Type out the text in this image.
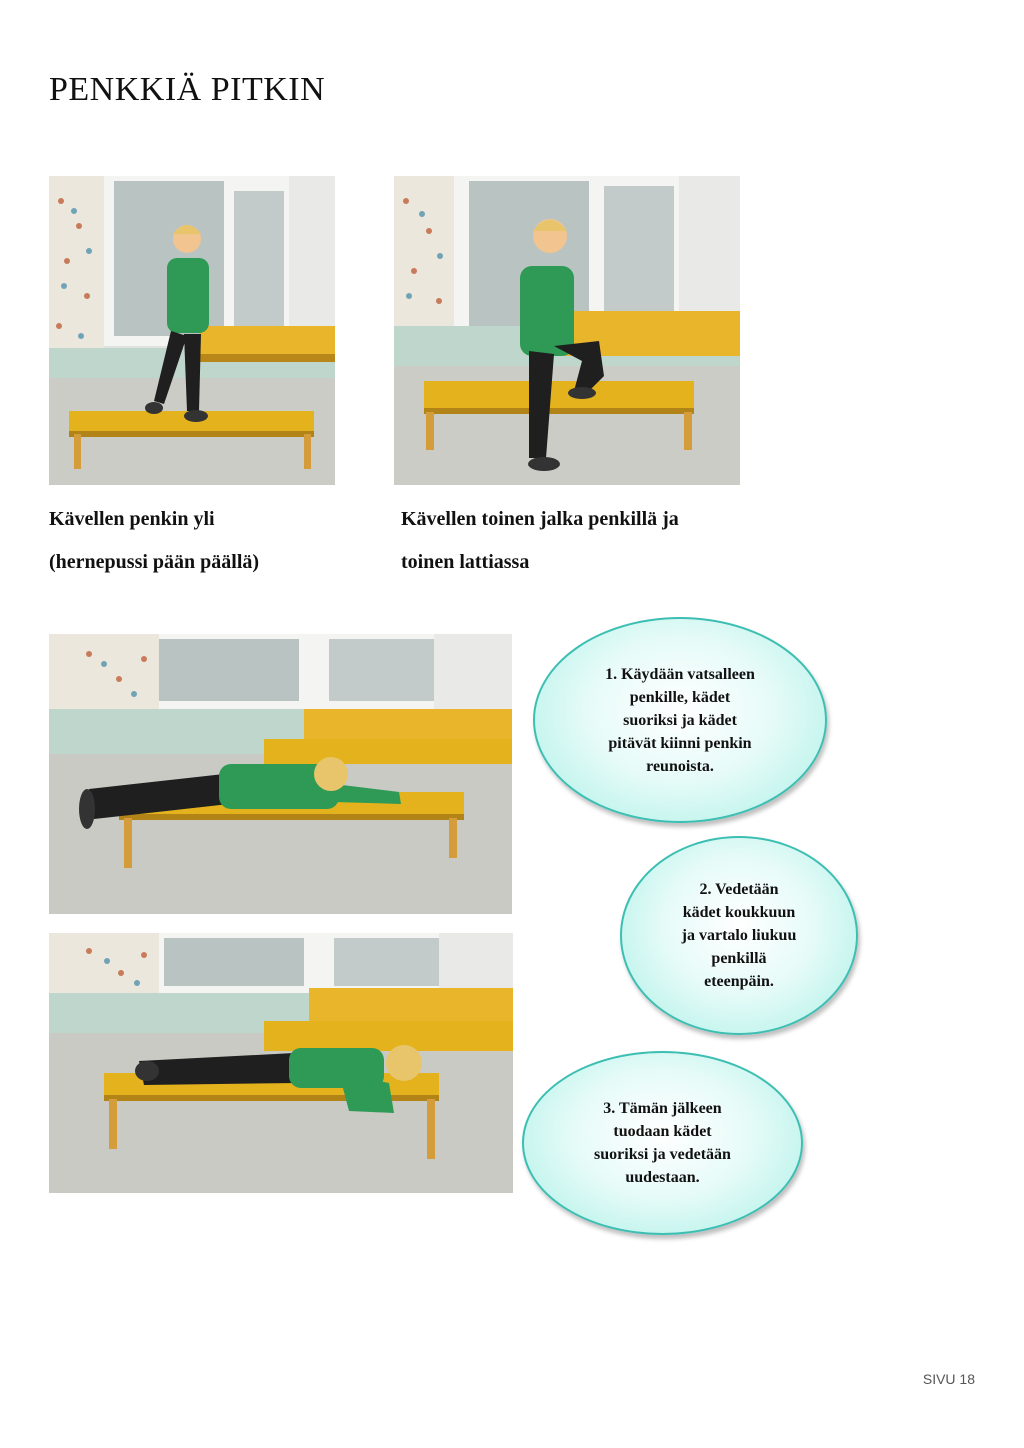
PENKKIÄ PITKIN
Kävellen penkin yli
(hernepussi pään päällä)
Kävellen toinen jalka penkillä ja
toinen lattiassa
1. Käydään vatsalleen
penkille, kädet
suoriksi ja kädet
pitävät kiinni penkin
reunoista.
2. Vedetään
kädet koukkuun
ja vartalo liukuu
penkillä
eteenpäin.
3. Tämän jälkeen
tuodaan kädet
suoriksi ja vedetään
uudestaan.
SIVU 18
